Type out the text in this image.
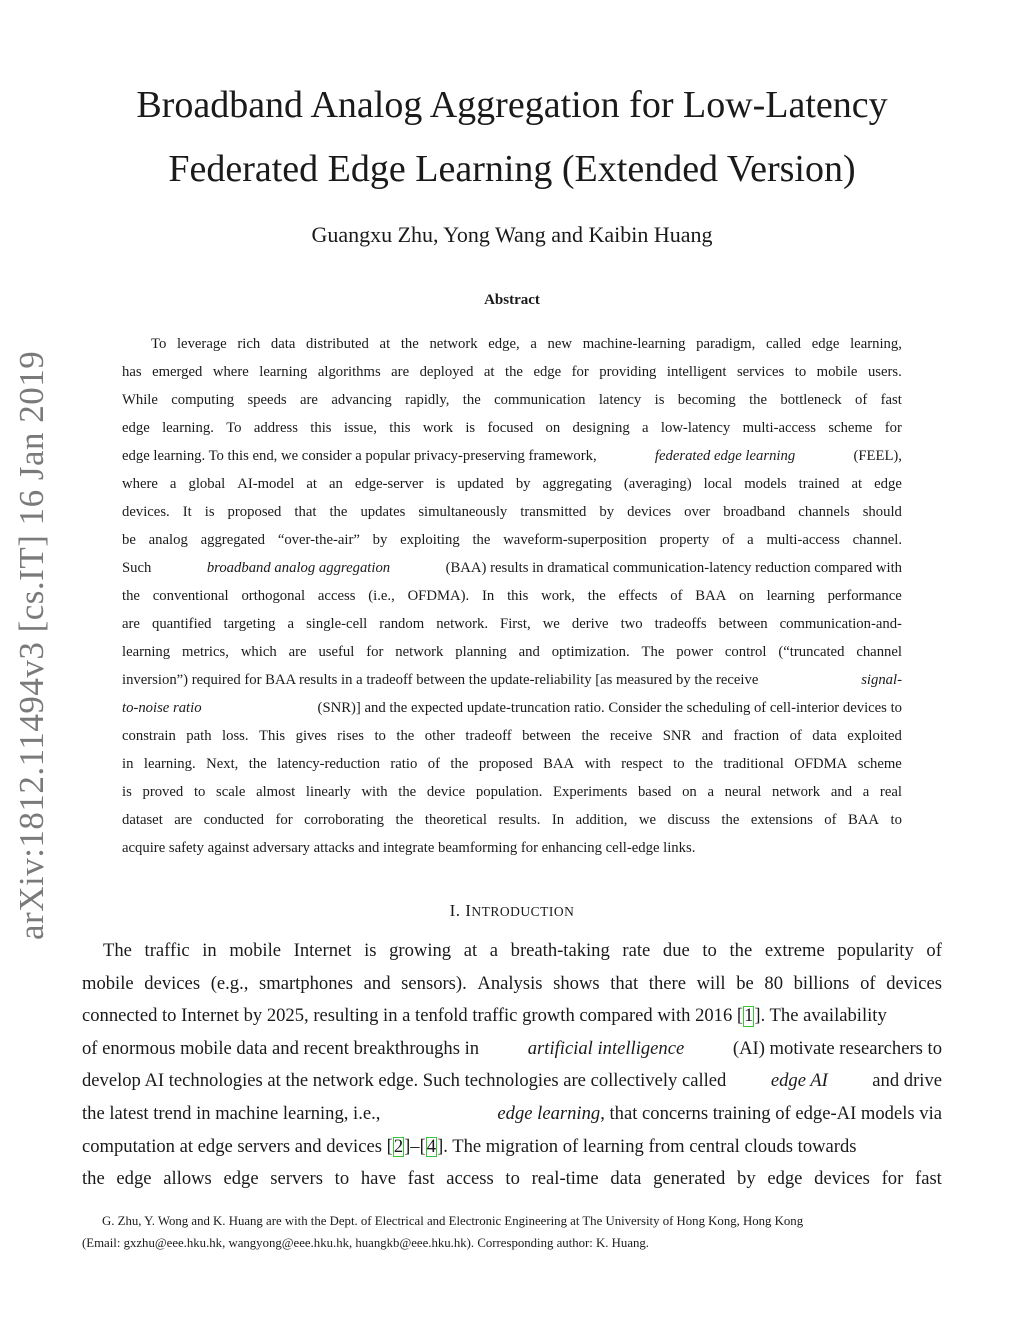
arXiv:1812.11494v3 [cs.IT] 16 Jan 2019
Broadband Analog Aggregation for Low-Latency
Federated Edge Learning (Extended Version)
Guangxu Zhu, Yong Wang and Kaibin Huang
Abstract
To leverage rich data distributed at the network edge, a new machine-learning paradigm, called edge learning,
has emerged where learning algorithms are deployed at the edge for providing intelligent services to mobile users.
While computing speeds are advancing rapidly, the communication latency is becoming the bottleneck of fast
edge learning. To address this issue, this work is focused on designing a low-latency multi-access scheme for
edge learning. To this end, we consider a popular privacy-preserving framework,	federated edge learning	(FEEL),
where a global AI-model at an edge-server is updated by aggregating (averaging) local models trained at edge
devices. It is proposed that the updates simultaneously transmitted by devices over broadband channels should
be analog aggregated “over-the-air” by exploiting the waveform-superposition property of a multi-access channel.
Such	broadband analog aggregation	(BAA) results in dramatical communication-latency reduction compared with
the conventional orthogonal access (i.e., OFDMA). In this work, the effects of BAA on learning performance
are quantified targeting a single-cell random network. First, we derive two tradeoffs between communication-and-
learning metrics, which are useful for network planning and optimization. The power control (“truncated channel
inversion”) required for BAA results in a tradeoff between the update-reliability [as measured by the receive	signal-
to-noise ratio	(SNR)] and the expected update-truncation ratio. Consider the scheduling of cell-interior devices to
constrain path loss. This gives rises to the other tradeoff between the receive SNR and fraction of data exploited
in learning. Next, the latency-reduction ratio of the proposed BAA with respect to the traditional OFDMA scheme
is proved to scale almost linearly with the device population. Experiments based on a neural network and a real
dataset are conducted for corroborating the theoretical results. In addition, we discuss the extensions of BAA to
acquire safety against adversary attacks and integrate beamforming for enhancing cell-edge links.
I. INTRODUCTION
The traffic in mobile Internet is growing at a breath-taking rate due to the extreme popularity of
mobile devices (e.g., smartphones and sensors). Analysis shows that there will be 80 billions of devices
connected to Internet by 2025, resulting in a tenfold traffic growth compared with 2016 [1]. The availability
of enormous mobile data and recent breakthroughs in	artificial intelligence	(AI) motivate researchers to
develop AI technologies at the network edge. Such technologies are collectively called edge AI and drive
the latest trend in machine learning, i.e.,	edge learning, that concerns training of edge-AI models via
computation at edge servers and devices [2]–[4]. The migration of learning from central clouds towards
the edge allows edge servers to have fast access to real-time data generated by edge devices for fast
G. Zhu, Y. Wong and K. Huang are with the Dept. of Electrical and Electronic Engineering at The University of Hong Kong, Hong Kong
(Email: gxzhu@eee.hku.hk, wangyong@eee.hku.hk, huangkb@eee.hku.hk). Corresponding author: K. Huang.
